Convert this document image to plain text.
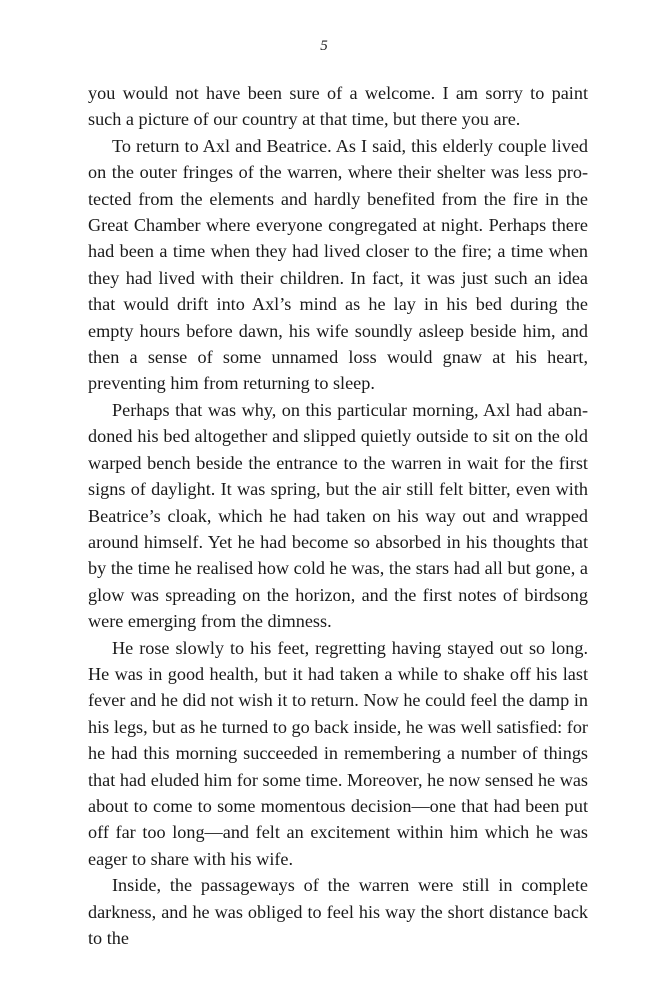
5

you would not have been sure of a welcome. I am sorry to paint such a picture of our country at that time, but there you are.

To return to Axl and Beatrice. As I said, this elderly couple lived on the outer fringes of the warren, where their shelter was less protected from the elements and hardly benefited from the fire in the Great Chamber where everyone congregated at night. Perhaps there had been a time when they had lived closer to the fire; a time when they had lived with their children. In fact, it was just such an idea that would drift into Axl’s mind as he lay in his bed during the empty hours before dawn, his wife soundly asleep beside him, and then a sense of some unnamed loss would gnaw at his heart, preventing him from returning to sleep.

Perhaps that was why, on this particular morning, Axl had abandoned his bed altogether and slipped quietly outside to sit on the old warped bench beside the entrance to the warren in wait for the first signs of daylight. It was spring, but the air still felt bitter, even with Beatrice’s cloak, which he had taken on his way out and wrapped around himself. Yet he had become so absorbed in his thoughts that by the time he realised how cold he was, the stars had all but gone, a glow was spreading on the horizon, and the first notes of birdsong were emerging from the dimness.

He rose slowly to his feet, regretting having stayed out so long. He was in good health, but it had taken a while to shake off his last fever and he did not wish it to return. Now he could feel the damp in his legs, but as he turned to go back inside, he was well satisfied: for he had this morning succeeded in remembering a number of things that had eluded him for some time. Moreover, he now sensed he was about to come to some momentous decision—one that had been put off far too long—and felt an excitement within him which he was eager to share with his wife.

Inside, the passageways of the warren were still in complete darkness, and he was obliged to feel his way the short distance back to the
